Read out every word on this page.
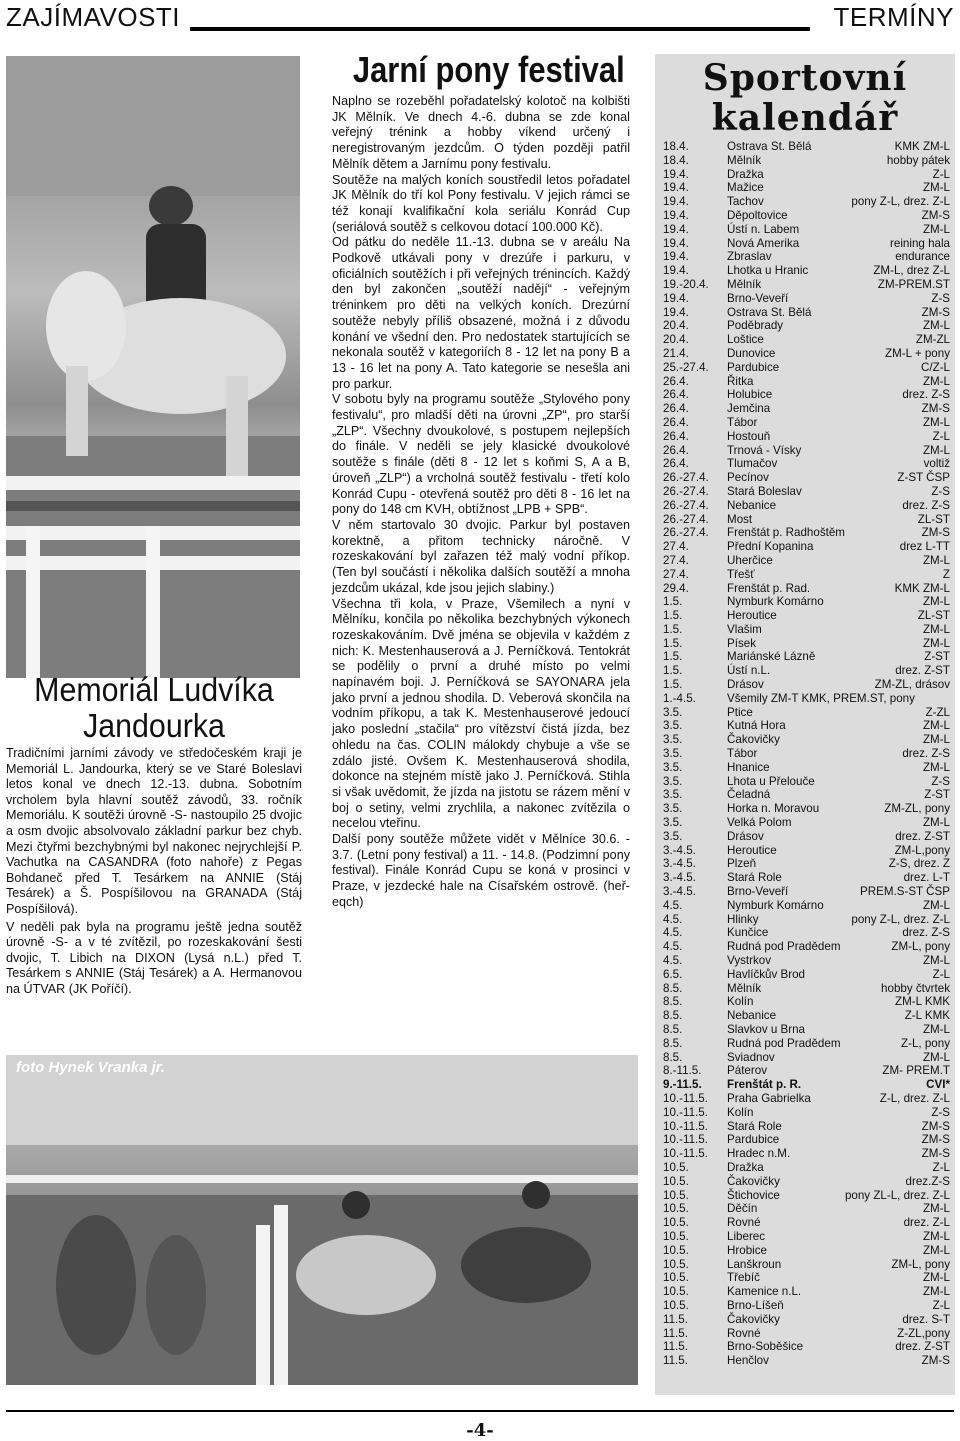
ZAJÍMAVOSTI	TERMÍNY
Memoriál Ludvíka Jandourka

Tradičními jarními závody ve středočeském kraji je Memoriál L. Jandourka, který se ve Staré Boleslavi letos konal ve dnech 12.-13. dubna. Sobotním vrcholem byla hlavní soutěž závodů, 33. ročník Memoriálu. K soutěži úrovně -S- nastoupilo 25 dvojic a osm dvojic absolvovalo základní parkur bez chyb. Mezi čtyřmi bezchybnými byl nakonec nejrychlejší P. Vachutka na CASANDRA (foto nahoře) z Pegas Bohdaneč před T. Tesárkem na ANNIE (Stáj Tesárek) a Š. Pospíšilovou na GRANADA (Stáj Pospíšilová).

V neděli pak byla na programu ještě jedna soutěž úrovně -S- a v té zvítězil, po rozeskakování šesti dvojic, T. Libich na DIXON (Lysá n.L.) před T. Tesárkem s ANNIE (Stáj Tesárek) a A. Hermanovou na ÚTVAR (JK Poříčí).

Jarní pony festival

Naplno se rozeběhl pořadatelský kolotoč na kolbišti JK Mělník. Ve dnech 4.-6. dubna se zde konal veřejný trénink a hobby víkend určený i neregistrovaným jezdcům. O týden později patřil Mělník dětem a Jarnímu pony festivalu.

Soutěže na malých koních soustředil letos pořadatel JK Mělník do tří kol Pony festivalu. V jejich rámci se též konají kvalifikační kola seriálu Konrád Cup (seriálová soutěž s celkovou dotací 100.000 Kč).

Od pátku do neděle 11.-13. dubna se v areálu Na Podkově utkávali pony v drezúře i parkuru, v oficiálních soutěžích i při veřejných trénincích. Každý den byl zakončen „soutěží nadějí“ - veřejným tréninkem pro děti na velkých koních. Drezúrní soutěže nebyly příliš obsazené, možná i z důvodu konání ve všední den. Pro nedostatek startujících se nekonala soutěž v kategoriích 8 - 12 let na pony B a 13 - 16 let na pony A. Tato kategorie se nesešla ani pro parkur.

V sobotu byly na programu soutěže „Stylového pony festivalu“, pro mladší děti na úrovni „ZP“, pro starší „ZLP“. Všechny dvoukolové, s postupem nejlepších do finále. V neděli se jely klasické dvoukolové soutěže s finále (děti 8 - 12 let s koňmi S, A a B, úroveň „ZLP“) a vrcholná soutěž festivalu - třetí kolo Konrád Cupu - otevřená soutěž pro děti 8 - 16 let na pony do 148 cm KVH, obtížnost „LPB + SPB“.

V něm startovalo 30 dvojic. Parkur byl postaven korektně, a přitom technicky náročně. V rozeskakování byl zařazen též malý vodní příkop. (Ten byl součástí i několika dalších soutěží a mnoha jezdcům ukázal, kde jsou jejich slabiny.)

Všechna tři kola, v Praze, Všemilech a nyní v Mělníku, končila po několika bezchybných výkonech rozeskakováním. Dvě jména se objevila v každém z nich: K. Mestenhauserová a J. Perníčková. Tentokrát se podělily o první a druhé místo po velmi napínavém boji. J. Perníčková se SAYONARA jela jako první a jednou shodila. D. Veberová skončila na vodním příkopu, a tak K. Mestenhauserové jedoucí jako poslední „stačila“ pro vítězství čistá jízda, bez ohledu na čas. COLIN málokdy chybuje a vše se zdálo jisté. Ovšem K. Mestenhauserová shodila, dokonce na stejném místě jako J. Perníčková. Stihla si však uvědomit, že jízda na jistotu se rázem mění v boj o setiny, velmi zrychlila, a nakonec zvítězila o necelou vteřinu.

Další pony soutěže můžete vidět v Mělníce 30.6. - 3.7. (Letní pony festival) a 11. - 14.8. (Podzimní pony festival). Finále Konrád Cupu se koná v prosinci v Praze, v jezdecké hale na Císařském ostrově. (heř-eqch)

foto Hynek Vranka jr.
Sportovní
kalendář
18.4.	Ostrava St. Bělá	KMK ZM-L
18.4.	Mělník	hobby pátek
19.4.	Dražka	Z-L
19.4.	Mažice	ZM-L
19.4.	Tachov	pony Z-L, drez. Z-L
19.4.	Děpoltovice	ZM-S
19.4.	Ústí n. Labem	ZM-L
19.4.	Nová Amerika	reining hala
19.4.	Zbraslav	endurance
19.4.	Lhotka u Hranic	ZM-L, drez Z-L
19.-20.4.	Mělník	ZM-PREM.ST
19.4.	Brno-Veveří	Z-S
19.4.	Ostrava St. Bělá	ZM-S
20.4.	Poděbrady	ZM-L
20.4.	Loštice	ZM-ZL
21.4.	Dunovice	ZM-L + pony
25.-27.4.	Pardubice	C/Z-L
26.4.	Řitka	ZM-L
26.4.	Holubice	drez. Z-S
26.4.	Jemčina	ZM-S
26.4.	Tábor	ZM-L
26.4.	Hostouň	Z-L
26.4.	Trnová - Vísky	ZM-L
26.4.	Tlumačov	voltiž
26.-27.4.	Pecínov	Z-ST ČSP
26.-27.4.	Stará Boleslav	Z-S
26.-27.4.	Nebanice	drez. Z-S
26.-27.4.	Most	ZL-ST
26.-27.4.	Frenštát p. Radhoštěm	ZM-S
27.4.	Přední Kopanina	drez L-TT
27.4.	Uherčice	ZM-L
27.4.	Třešť	Z
29.4.	Frenštát p. Rad.	KMK ZM-L
1.5.	Nymburk Komárno	ZM-L
1.5.	Heroutice	ZL-ST
1.5.	Vlašim	ZM-L
1.5.	Písek	ZM-L
1.5.	Mariánské Lázně	Z-ST
1.5.	Ústí n.L.	drez. Z-ST
1.5.	Drásov	ZM-ZL, drásov
1.-4.5.	Všemily ZM-T KMK, PREM.ST, pony	
3.5.	Ptice	Z-ZL
3.5.	Kutná Hora	ZM-L
3.5.	Čakovičky	ZM-L
3.5.	Tábor	drez. Z-S
3.5.	Hnanice	ZM-L
3.5.	Lhota u Přelouče	Z-S
3.5.	Čeladná	Z-ST
3.5.	Horka n. Moravou	ZM-ZL, pony
3.5.	Velká Polom	ZM-L
3.5.	Drásov	drez. Z-ST
3.-4.5.	Heroutice	ZM-L,pony
3.-4.5.	Plzeň	Z-S, drez. Z
3.-4.5.	Stará Role	drez. L-T
3.-4.5.	Brno-Veveří	PREM.S-ST ČSP
4.5.	Nymburk Komárno	ZM-L
4.5.	Hlinky	pony Z-L, drez. Z-L
4.5.	Kunčice	drez. Z-S
4.5.	Rudná pod Pradědem	ZM-L, pony
4.5.	Vystrkov	ZM-L
6.5.	Havlíčkův Brod	Z-L
8.5.	Mělník	hobby čtvrtek
8.5.	Kolín	ZM-L KMK
8.5.	Nebanice	Z-L KMK
8.5.	Slavkov u Brna	ZM-L
8.5.	Rudná pod Pradědem	Z-L, pony
8.5.	Sviadnov	ZM-L
8.-11.5.	Páterov	ZM- PREM.T
9.-11.5.	Frenštát p. R.	CVI*
10.-11.5.	Praha Gabrielka	Z-L, drez. Z-L
10.-11.5.	Kolín	Z-S
10.-11.5.	Stará Role	ZM-S
10.-11.5.	Pardubice	ZM-S
10.-11.5.	Hradec n.M.	ZM-S
10.5.	Dražka	Z-L
10.5.	Čakovičky	drez.Z-S
10.5.	Štichovice	pony ZL-L, drez. Z-L
10.5.	Děčín	ZM-L
10.5.	Rovné	drez. Z-L
10.5.	Liberec	ZM-L
10.5.	Hrobice	ZM-L
10.5.	Lanškroun	ZM-L, pony
10.5.	Třebíč	ZM-L
10.5.	Kamenice n.L.	ZM-L
10.5.	Brno-Líšeň	Z-L
11.5.	Čakovičky	drez. S-T
11.5.	Rovné	Z-ZL,pony
11.5.	Brno-Soběšice	drez. Z-ST
11.5.	Henčlov	ZM-S
-4-
